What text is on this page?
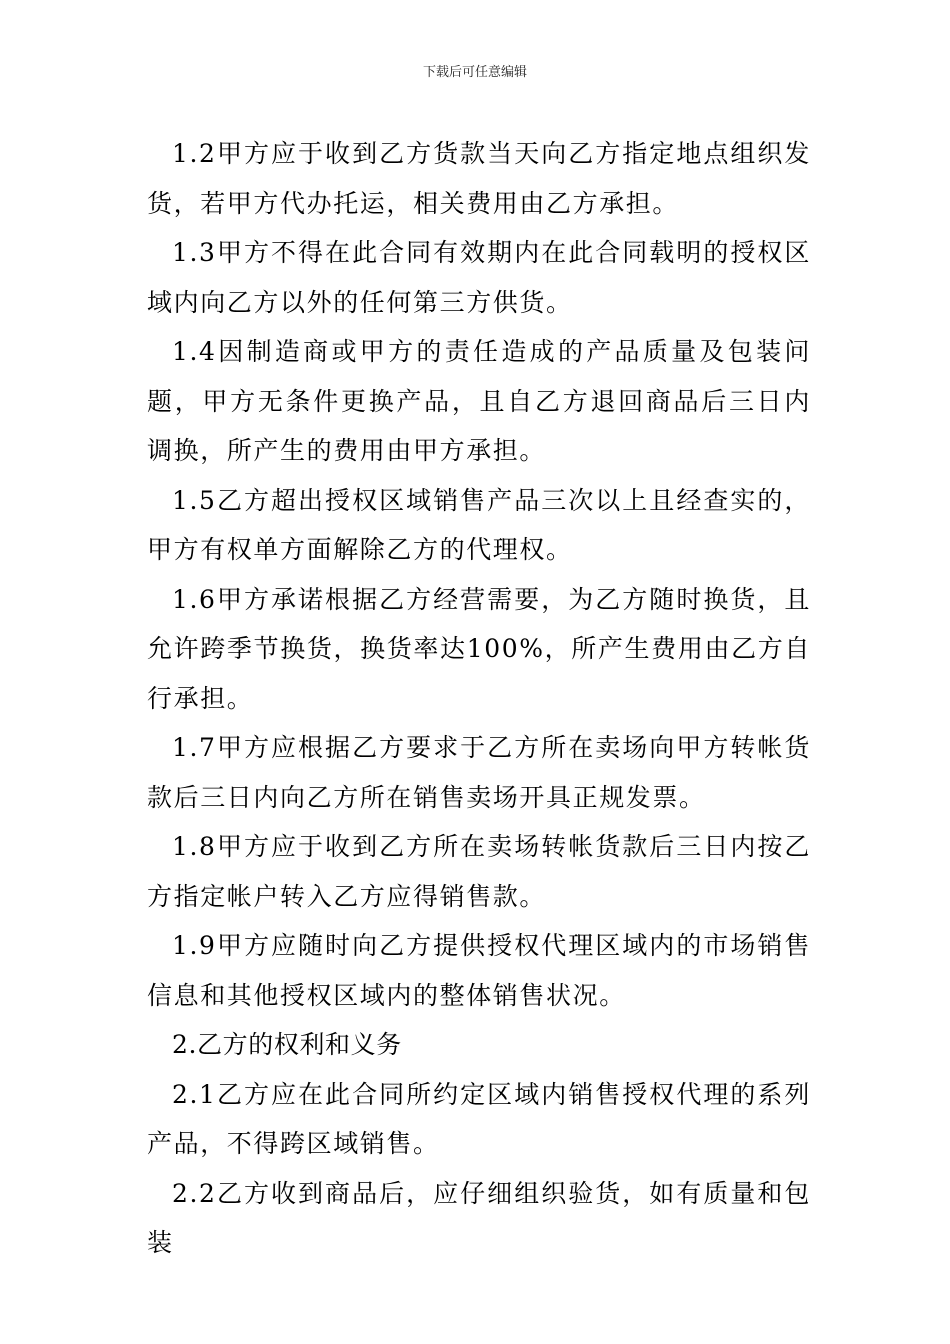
下载后可任意编辑

1.2甲方应于收到乙方货款当天向乙方指定地点组织发货，若甲方代办托运，相关费用由乙方承担。

1.3甲方不得在此合同有效期内在此合同载明的授权区域内向乙方以外的任何第三方供货。

1.4因制造商或甲方的责任造成的产品质量及包装问题，甲方无条件更换产品，且自乙方退回商品后三日内调换，所产生的费用由甲方承担。

1.5乙方超出授权区域销售产品三次以上且经查实的，甲方有权单方面解除乙方的代理权。

1.6甲方承诺根据乙方经营需要，为乙方随时换货，且允许跨季节换货，换货率达100%，所产生费用由乙方自行承担。

1.7甲方应根据乙方要求于乙方所在卖场向甲方转帐货款后三日内向乙方所在销售卖场开具正规发票。

1.8甲方应于收到乙方所在卖场转帐货款后三日内按乙方指定帐户转入乙方应得销售款。

1.9甲方应随时向乙方提供授权代理区域内的市场销售信息和其他授权区域内的整体销售状况。

2.乙方的权利和义务

2.1乙方应在此合同所约定区域内销售授权代理的系列产品，不得跨区域销售。

2.2乙方收到商品后，应仔细组织验货，如有质量和包装
